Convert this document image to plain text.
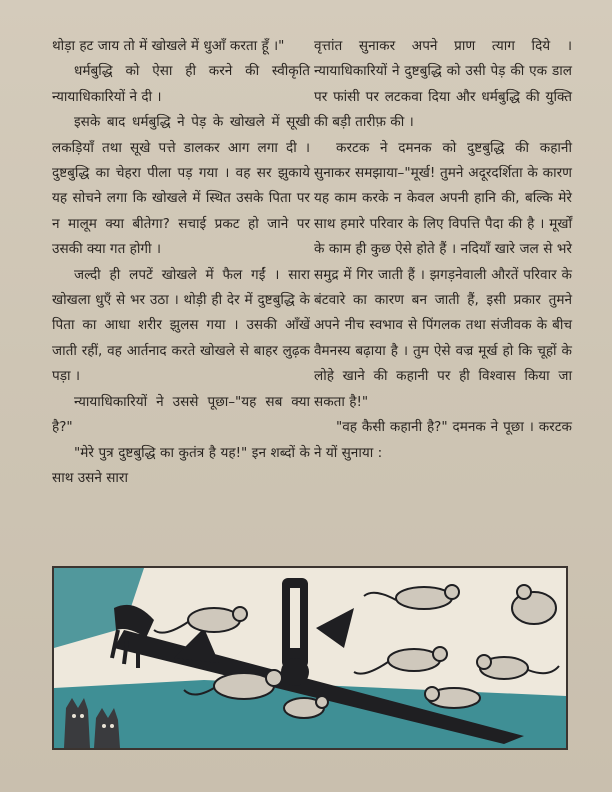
थोड़ा हट जाय तो में खोखले में धुआँ करता हूँ ।"

धर्मबुद्धि को ऐसा ही करने की स्वीकृति न्यायाधिकारियों ने दी ।

इसके बाद धर्मबुद्धि ने पेड़ के खोखले में सूखी लकड़ियाँ तथा सूखे पत्ते डालकर आग लगा दी । दुष्टबुद्धि का चेहरा पीला पड़ गया । वह सर झुकाये यह सोचने लगा कि खोखले में स्थित उसके पिता पर न मालूम क्या बीतेगा? सचाई प्रकट हो जाने पर उसकी क्या गत होगी ।

जल्दी ही लपटें खोखले में फैल गईं । सारा खोखला धुएँ से भर उठा । थोड़ी ही देर में दुष्टबुद्धि के पिता का आधा शरीर झुलस गया । उसकी आँखें जाती रहीं, वह आर्तनाद करते खोखले से बाहर लुढ़क पड़ा ।

न्यायाधिकारियों ने उससे पूछा–"यह सब क्या है?"

"मेरे पुत्र दुष्टबुद्धि का कुतंत्र है यह!" इन शब्दों के साथ उसने सारा

वृत्तांत सुनाकर अपने प्राण त्याग दिये । न्यायाधिकारियों ने दुष्टबुद्धि को उसी पेड़ की एक डाल पर फांसी पर लटकवा दिया और धर्मबुद्धि की युक्ति की बड़ी तारीफ़ की ।

करटक ने दमनक को दुष्टबुद्धि की कहानी सुनाकर समझाया–"मूर्ख! तुमने अदूरदर्शिता के कारण यह काम करके न केवल अपनी हानि की, बल्कि मेरे साथ हमारे परिवार के लिए विपत्ति पैदा की है । मूर्खों के काम ही कुछ ऐसे होते हैं । नदियाँ खारे जल से भरे समुद्र में गिर जाती हैं । झगड़नेवाली औरतें परिवार के बंटवारे का कारण बन जाती हैं, इसी प्रकार तुमने अपने नीच स्वभाव से पिंगलक तथा संजीवक के बीच वैमनस्य बढ़ाया है । तुम ऐसे वज्र मूर्ख हो कि चूहों के लोहे खाने की कहानी पर ही विश्वास किया जा सकता है!"

"वह कैसी कहानी है?" दमनक ने पूछा । करटक ने यों सुनाया :
